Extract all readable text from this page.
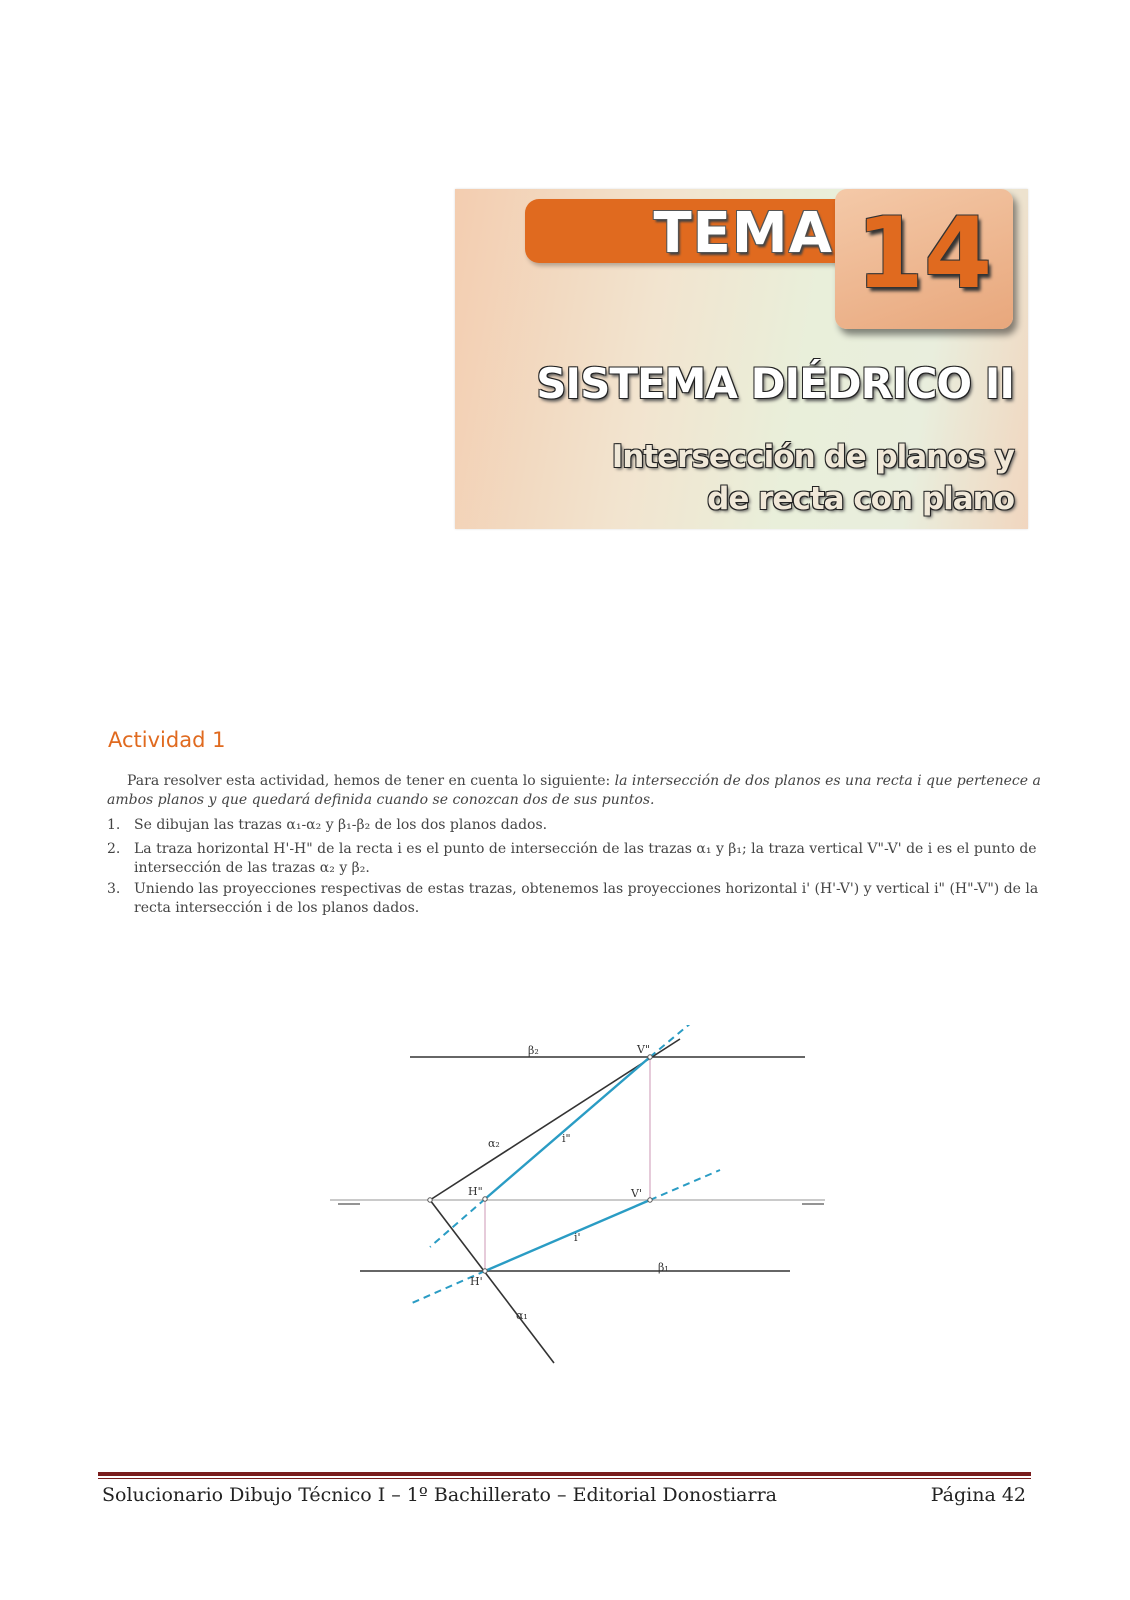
TEMA 14
SISTEMA DIÉDRICO II
Intersección de planos y
de recta con plano
Actividad 1
Para resolver esta actividad, hemos de tener en cuenta lo siguiente: la intersección de dos planos es una recta i que pertenece a ambos planos y que quedará definida cuando se conozcan dos de sus puntos.
1. Se dibujan las trazas α₁-α₂ y β₁-β₂ de los dos planos dados.
2. La traza horizontal H'-H" de la recta i es el punto de intersección de las trazas α₁ y β₁; la traza vertical V"-V' de i es el punto de intersección de las trazas α₂ y β₂.
3. Uniendo las proyecciones respectivas de estas trazas, obtenemos las proyecciones horizontal i' (H'-V') y vertical i" (H"-V") de la recta intersección i de los planos dados.
β₂
β₁
α₂
α₁
V"
V'
H"
H'
i"
i'
Solucionario Dibujo Técnico I – 1º Bachillerato – Editorial Donostiarra	Página 42
